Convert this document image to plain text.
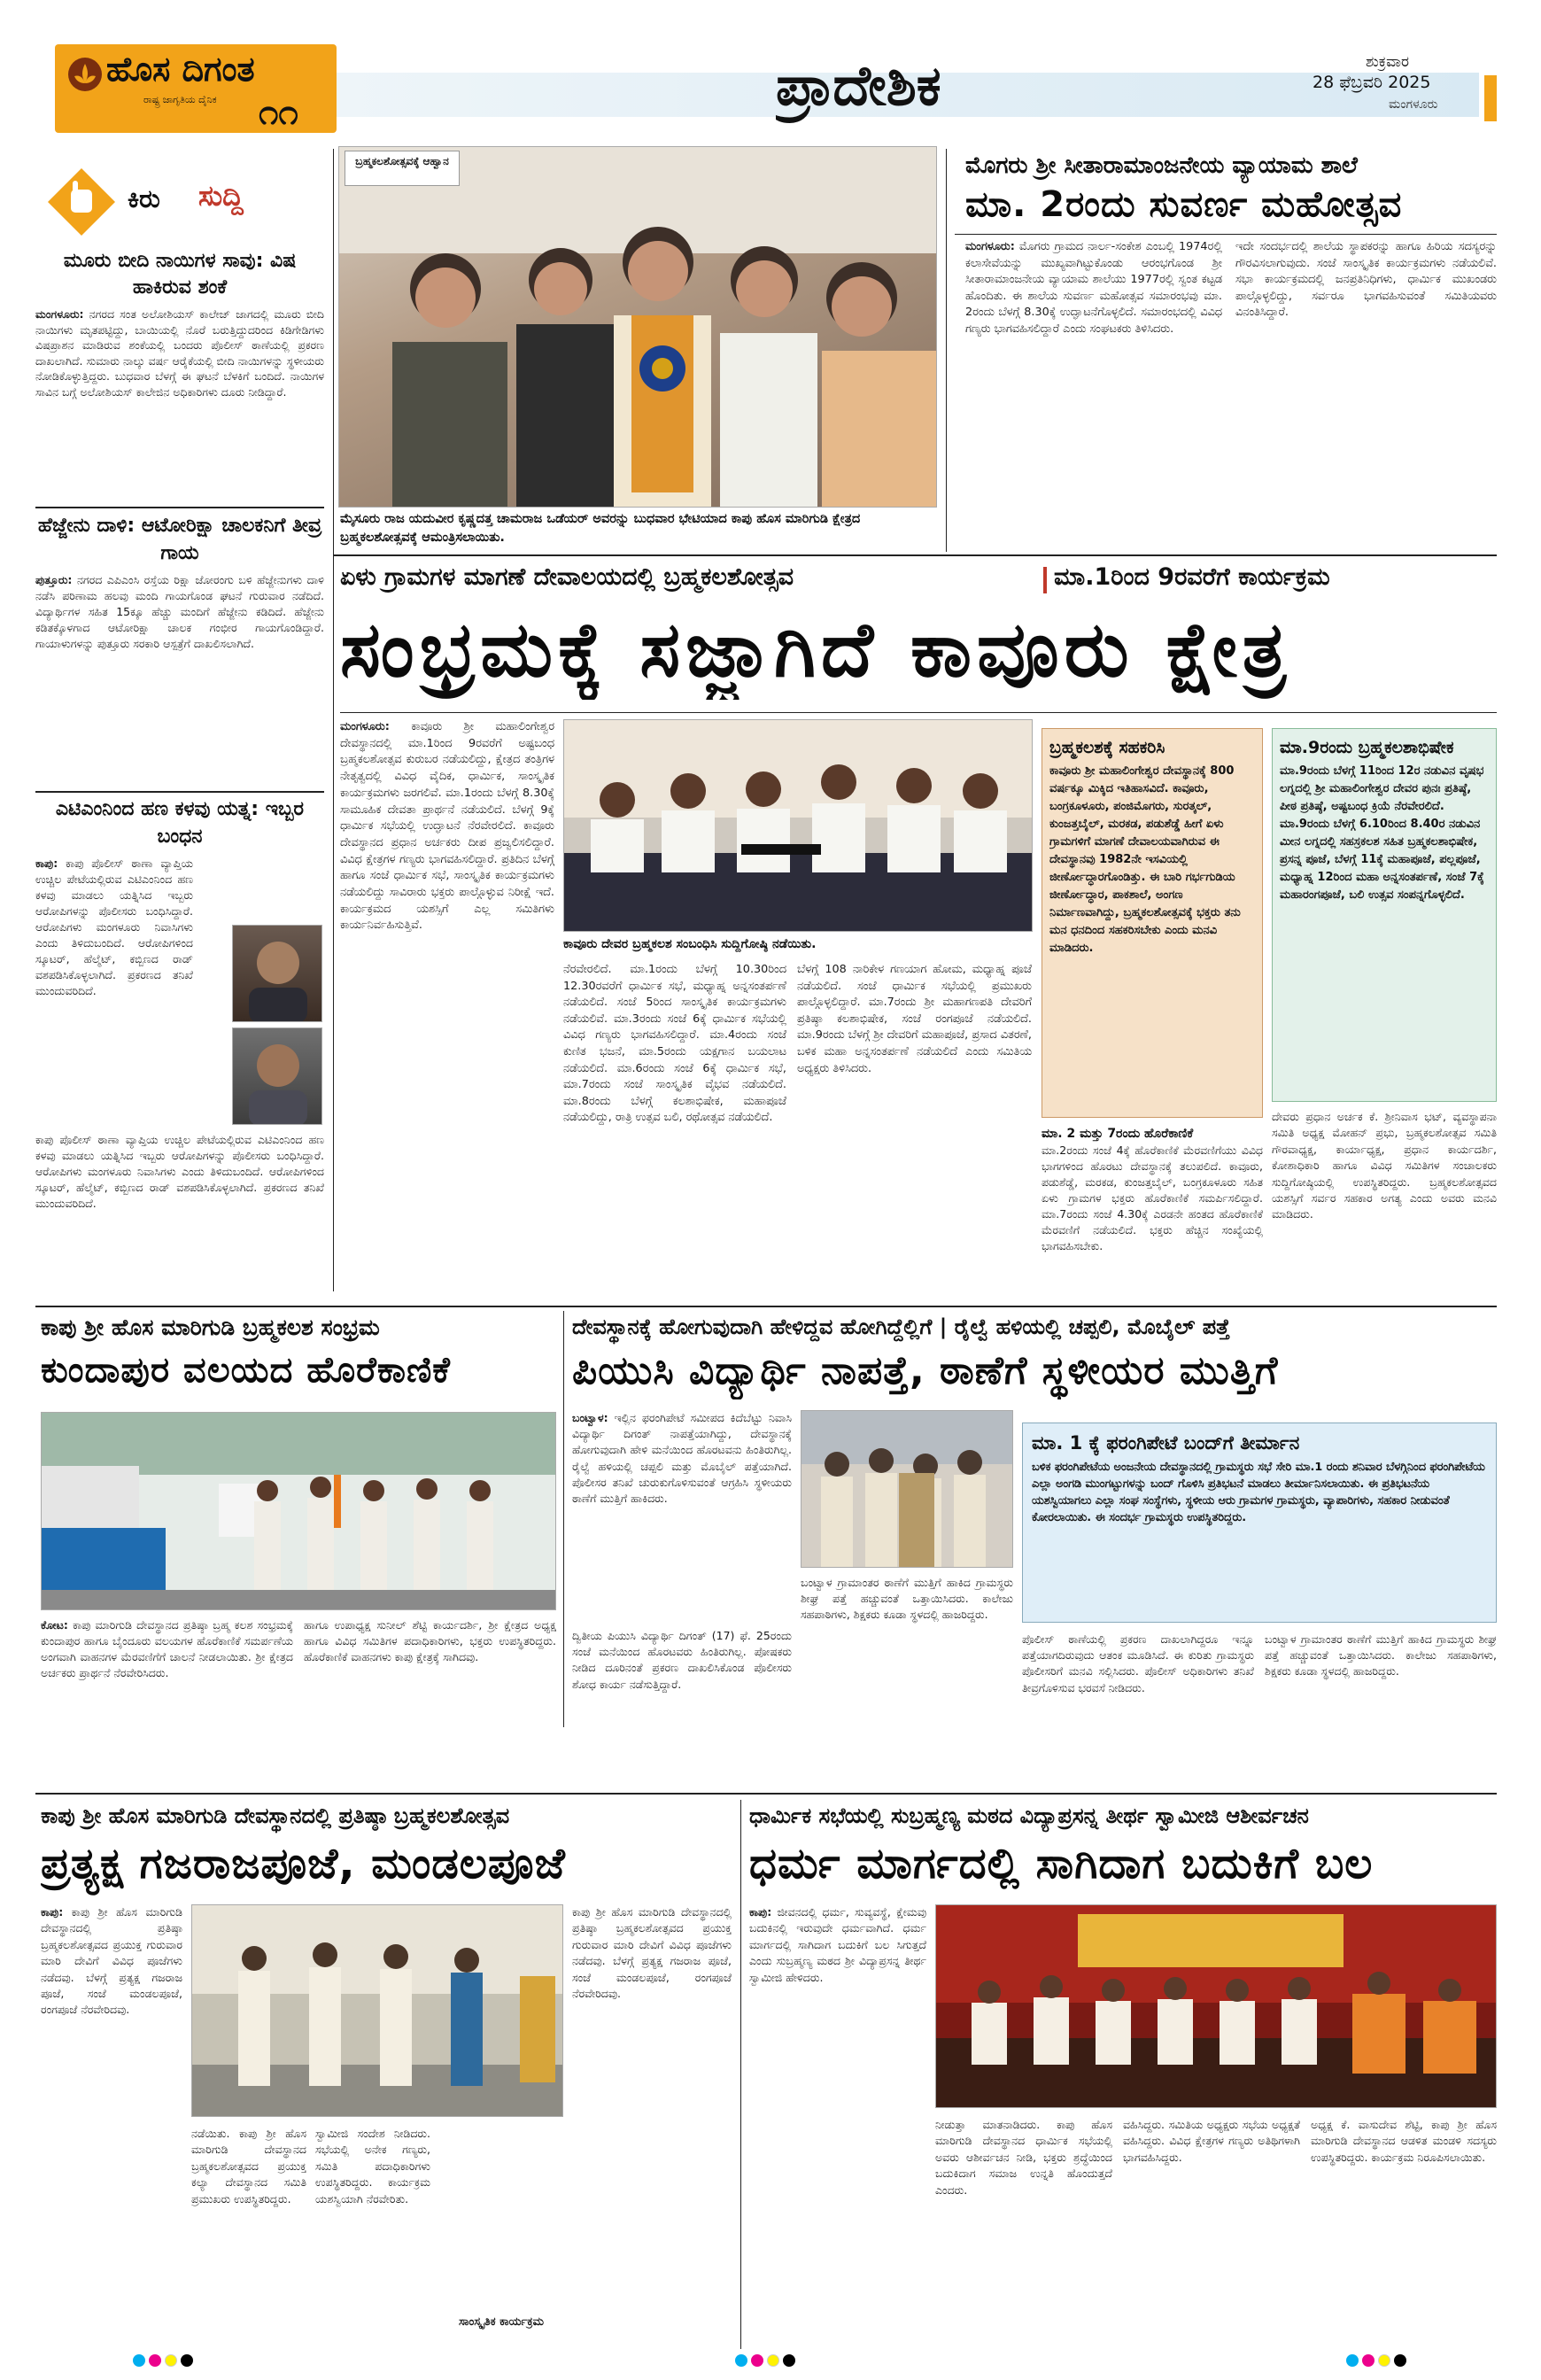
ಹೊಸ ದಿಗಂತ
ರಾಷ್ಟ್ರ ಜಾಗೃತಿಯ ದೈನಿಕ	೧೧	ಪ್ರಾದೇಶಿಕ	ಶುಕ್ರವಾರ
28 ಫೆಬ್ರವರಿ 2025
ಮಂಗಳೂರು
ಕಿರು	ಸುದ್ದಿ
ಮೂರು ಬೀದಿ ನಾಯಿಗಳ ಸಾವು: ವಿಷ ಹಾಕಿರುವ ಶಂಕೆ
ಮಂಗಳೂರು: ನಗರದ ಸಂತ ಅಲೋಶಿಯಸ್ ಕಾಲೇಜ್ ಜಾಗದಲ್ಲಿ ಮೂರು ಬೀದಿ ನಾಯಿಗಳು ಮೃತಪಟ್ಟಿದ್ದು, ಬಾಯಿಯಲ್ಲಿ ನೊರೆ ಬರುತ್ತಿದ್ದುದರಿಂದ ಕಿಡಿಗೇಡಿಗಳು ವಿಷಪ್ರಾಶನ ಮಾಡಿರುವ ಶಂಕೆಯಲ್ಲಿ ಬಂದರು ಪೊಲೀಸ್ ಠಾಣೆಯಲ್ಲಿ ಪ್ರಕರಣ ದಾಖಲಾಗಿದೆ. ಸುಮಾರು ನಾಲ್ಕು ವರ್ಷ ಆರೈಕೆಯಲ್ಲಿ ಬೀದಿ ನಾಯಿಗಳನ್ನು ಸ್ಥಳೀಯರು ನೋಡಿಕೊಳ್ಳುತ್ತಿದ್ದರು. ಬುಧವಾರ ಬೆಳಗ್ಗೆ ಈ ಘಟನೆ ಬೆಳಕಿಗೆ ಬಂದಿದೆ. ನಾಯಿಗಳ ಸಾವಿನ ಬಗ್ಗೆ ಅಲೋಶಿಯಸ್ ಕಾಲೇಜಿನ ಅಧಿಕಾರಿಗಳು ದೂರು ನೀಡಿದ್ದಾರೆ.
ಹೆಜ್ಜೇನು ದಾಳಿ: ಆಟೋರಿಕ್ಷಾ ಚಾಲಕನಿಗೆ ತೀವ್ರ ಗಾಯ
ಪುತ್ತೂರು: ನಗರದ ಎಪಿಎಂಸಿ ರಸ್ತೆಯ ರಿಕ್ಷಾ ಜೋರಂಗು ಬಳಿ ಹೆಜ್ಜೇನುಗಳು ದಾಳಿ ನಡೆಸಿ ಪರಿಣಾಮ ಹಲವು ಮಂದಿ ಗಾಯಗೊಂಡ ಘಟನೆ ಗುರುವಾರ ನಡೆದಿದೆ. ವಿದ್ಯಾರ್ಥಿಗಳ ಸಹಿತ 15ಕ್ಕೂ ಹೆಚ್ಚು ಮಂದಿಗೆ ಹೆಜ್ಜೇನು ಕಡಿದಿದೆ. ಹೆಜ್ಜೇನು ಕಡಿತಕ್ಕೊಳಗಾದ ಆಟೋರಿಕ್ಷಾ ಚಾಲಕ ಗಂಭೀರ ಗಾಯಗೊಂಡಿದ್ದಾರೆ. ಗಾಯಾಳುಗಳನ್ನು ಪುತ್ತೂರು ಸರಕಾರಿ ಆಸ್ಪತ್ರೆಗೆ ದಾಖಲಿಸಲಾಗಿದೆ.
ಎಟಿಎಂನಿಂದ ಹಣ ಕಳವು ಯತ್ನ: ಇಬ್ಬರ ಬಂಧನ
ಕಾಪು: ಕಾಪು ಪೊಲೀಸ್ ಠಾಣಾ ವ್ಯಾಪ್ತಿಯ ಉಚ್ಚಿಲ ಪೇಟೆಯಲ್ಲಿರುವ ಎಟಿಎಂನಿಂದ ಹಣ ಕಳವು ಮಾಡಲು ಯತ್ನಿಸಿದ ಇಬ್ಬರು ಆರೋಪಿಗಳನ್ನು ಪೊಲೀಸರು ಬಂಧಿಸಿದ್ದಾರೆ. ಆರೋಪಿಗಳು ಮಂಗಳೂರು ನಿವಾಸಿಗಳು ಎಂದು ತಿಳಿದುಬಂದಿದೆ. ಆರೋಪಿಗಳಿಂದ ಸ್ಕೂಟರ್, ಹೆಲ್ಮೆಟ್, ಕಬ್ಬಿಣದ ರಾಡ್ ವಶಪಡಿಸಿಕೊಳ್ಳಲಾಗಿದೆ. ಪ್ರಕರಣದ ತನಿಖೆ ಮುಂದುವರಿದಿದೆ.
ಕಾಪು ಪೊಲೀಸ್ ಠಾಣಾ ವ್ಯಾಪ್ತಿಯ ಉಚ್ಚಿಲ ಪೇಟೆಯಲ್ಲಿರುವ ಎಟಿಎಂನಿಂದ ಹಣ ಕಳವು ಮಾಡಲು ಯತ್ನಿಸಿದ ಇಬ್ಬರು ಆರೋಪಿಗಳನ್ನು ಪೊಲೀಸರು ಬಂಧಿಸಿದ್ದಾರೆ. ಆರೋಪಿಗಳು ಮಂಗಳೂರು ನಿವಾಸಿಗಳು ಎಂದು ತಿಳಿದುಬಂದಿದೆ. ಆರೋಪಿಗಳಿಂದ ಸ್ಕೂಟರ್, ಹೆಲ್ಮೆಟ್, ಕಬ್ಬಿಣದ ರಾಡ್ ವಶಪಡಿಸಿಕೊಳ್ಳಲಾಗಿದೆ. ಪ್ರಕರಣದ ತನಿಖೆ ಮುಂದುವರಿದಿದೆ.
ಬ್ರಹ್ಮಕಲಶೋತ್ಸವಕ್ಕೆ ಆಹ್ವಾನ
ಮೈಸೂರು ರಾಜ ಯದುವೀರ ಕೃಷ್ಣದತ್ತ ಚಾಮರಾಜ ಒಡೆಯರ್ ಅವರನ್ನು ಬುಧವಾರ ಭೇಟಿಯಾದ ಕಾಪು ಹೊಸ ಮಾರಿಗುಡಿ ಕ್ಷೇತ್ರದ ಬ್ರಹ್ಮಕಲಶೋತ್ಸವಕ್ಕೆ ಆಮಂತ್ರಿಸಲಾಯಿತು.
ಮೊಗರು ಶ್ರೀ ಸೀತಾರಾಮಾಂಜನೇಯ ವ್ಯಾಯಾಮ ಶಾಲೆ
ಮಾ. 2ರಂದು ಸುವರ್ಣ ಮಹೋತ್ಸವ
ಮಂಗಳೂರು: ಮೊಗರು ಗ್ರಾಮದ ನಾರ್ಲ-ಸಂಕೇಶ ಎಂಬಲ್ಲಿ 1974ರಲ್ಲಿ ಕಲಾಸೇವೆಯನ್ನು ಮುಖ್ಯವಾಗಿಟ್ಟುಕೊಂಡು ಆರಂಭಗೊಂಡ ಶ್ರೀ ಸೀತಾರಾಮಾಂಜನೇಯ ವ್ಯಾಯಾಮ ಶಾಲೆಯು 1977ರಲ್ಲಿ ಸ್ವಂತ ಕಟ್ಟಡ ಹೊಂದಿತು. ಈ ಶಾಲೆಯ ಸುವರ್ಣ ಮಹೋತ್ಸವ ಸಮಾರಂಭವು ಮಾ. 2ರಂದು ಬೆಳಗ್ಗೆ 8.30ಕ್ಕೆ ಉದ್ಘಾಟನೆಗೊಳ್ಳಲಿದೆ. ಸಮಾರಂಭದಲ್ಲಿ ವಿವಿಧ ಗಣ್ಯರು ಭಾಗವಹಿಸಲಿದ್ದಾರೆ ಎಂದು ಸಂಘಟಕರು ತಿಳಿಸಿದರು.
ಇದೇ ಸಂದರ್ಭದಲ್ಲಿ ಶಾಲೆಯ ಸ್ಥಾಪಕರನ್ನು ಹಾಗೂ ಹಿರಿಯ ಸದಸ್ಯರನ್ನು ಗೌರವಿಸಲಾಗುವುದು. ಸಂಜೆ ಸಾಂಸ್ಕೃತಿಕ ಕಾರ್ಯಕ್ರಮಗಳು ನಡೆಯಲಿವೆ. ಸಭಾ ಕಾರ್ಯಕ್ರಮದಲ್ಲಿ ಜನಪ್ರತಿನಿಧಿಗಳು, ಧಾರ್ಮಿಕ ಮುಖಂಡರು ಪಾಲ್ಗೊಳ್ಳಲಿದ್ದು, ಸರ್ವರೂ ಭಾಗವಹಿಸುವಂತೆ ಸಮಿತಿಯವರು ವಿನಂತಿಸಿದ್ದಾರೆ.
ಏಳು ಗ್ರಾಮಗಳ ಮಾಗಣೆ ದೇವಾಲಯದಲ್ಲಿ ಬ್ರಹ್ಮಕಲಶೋತ್ಸವ	ಮಾ.1ರಿಂದ 9ರವರೆಗೆ ಕಾರ್ಯಕ್ರಮ
ಸಂಭ್ರಮಕ್ಕೆ ಸಜ್ಜಾಗಿದೆ ಕಾವೂರು ಕ್ಷೇತ್ರ
ಮಂಗಳೂರು: ಕಾವೂರು ಶ್ರೀ ಮಹಾಲಿಂಗೇಶ್ವರ ದೇವಸ್ಥಾನದಲ್ಲಿ ಮಾ.1ರಿಂದ 9ರವರೆಗೆ ಅಷ್ಟಬಂಧ ಬ್ರಹ್ಮಕಲಶೋತ್ಸವ ಕುರುಬರ ನಡೆಯಲಿದ್ದು, ಕ್ಷೇತ್ರದ ತಂತ್ರಿಗಳ ನೇತೃತ್ವದಲ್ಲಿ ವಿವಿಧ ವೈದಿಕ, ಧಾರ್ಮಿಕ, ಸಾಂಸ್ಕೃತಿಕ ಕಾರ್ಯಕ್ರಮಗಳು ಜರಗಲಿವೆ. ಮಾ.1ರಂದು ಬೆಳಗ್ಗೆ 8.30ಕ್ಕೆ ಸಾಮೂಹಿಕ ದೇವತಾ ಪ್ರಾರ್ಥನೆ ನಡೆಯಲಿದೆ. ಬೆಳಗ್ಗೆ 9ಕ್ಕೆ ಧಾರ್ಮಿಕ ಸಭೆಯಲ್ಲಿ ಉದ್ಘಾಟನೆ ನೆರವೇರಲಿದೆ. ಕಾವೂರು ದೇವಸ್ಥಾನದ ಪ್ರಧಾನ ಅರ್ಚಕರು ದೀಪ ಪ್ರಜ್ವಲಿಸಲಿದ್ದಾರೆ. ವಿವಿಧ ಕ್ಷೇತ್ರಗಳ ಗಣ್ಯರು ಭಾಗವಹಿಸಲಿದ್ದಾರೆ. ಪ್ರತಿದಿನ ಬೆಳಗ್ಗೆ ಹಾಗೂ ಸಂಜೆ ಧಾರ್ಮಿಕ ಸಭೆ, ಸಾಂಸ್ಕೃತಿಕ ಕಾರ್ಯಕ್ರಮಗಳು ನಡೆಯಲಿದ್ದು ಸಾವಿರಾರು ಭಕ್ತರು ಪಾಲ್ಗೊಳ್ಳುವ ನಿರೀಕ್ಷೆ ಇದೆ. ಕಾರ್ಯಕ್ರಮದ ಯಶಸ್ಸಿಗೆ ಎಲ್ಲ ಸಮಿತಿಗಳು ಕಾರ್ಯನಿರ್ವಹಿಸುತ್ತಿವೆ.
ಕಾವೂರು ದೇವರ ಬ್ರಹ್ಮಕಲಶ ಸಂಬಂಧಿಸಿ ಸುದ್ದಿಗೋಷ್ಠಿ ನಡೆಯಿತು.
ನೆರವೇರಲಿದೆ. ಮಾ.1ರಂದು ಬೆಳಗ್ಗೆ 10.30ರಿಂದ 12.30ರವರೆಗೆ ಧಾರ್ಮಿಕ ಸಭೆ, ಮಧ್ಯಾಹ್ನ ಅನ್ನಸಂತರ್ಪಣೆ ನಡೆಯಲಿದೆ. ಸಂಜೆ 5ರಿಂದ ಸಾಂಸ್ಕೃತಿಕ ಕಾರ್ಯಕ್ರಮಗಳು ನಡೆಯಲಿವೆ. ಮಾ.3ರಂದು ಸಂಜೆ 6ಕ್ಕೆ ಧಾರ್ಮಿಕ ಸಭೆಯಲ್ಲಿ ವಿವಿಧ ಗಣ್ಯರು ಭಾಗವಹಿಸಲಿದ್ದಾರೆ. ಮಾ.4ರಂದು ಸಂಜೆ ಕುಣಿತ ಭಜನೆ, ಮಾ.5ರಂದು ಯಕ್ಷಗಾನ ಬಯಲಾಟ ನಡೆಯಲಿದೆ. ಮಾ.6ರಂದು ಸಂಜೆ 6ಕ್ಕೆ ಧಾರ್ಮಿಕ ಸಭೆ, ಮಾ.7ರಂದು ಸಂಜೆ ಸಾಂಸ್ಕೃತಿಕ ವೈಭವ ನಡೆಯಲಿದೆ. ಮಾ.8ರಂದು ಬೆಳಗ್ಗೆ ಕಲಶಾಭಿಷೇಕ, ಮಹಾಪೂಜೆ ನಡೆಯಲಿದ್ದು, ರಾತ್ರಿ ಉತ್ಸವ ಬಲಿ, ರಥೋತ್ಸವ ನಡೆಯಲಿದೆ.
ಬೆಳಗ್ಗೆ 108 ನಾರಿಕೇಳ ಗಣಯಾಗ ಹೋಮ, ಮಧ್ಯಾಹ್ನ ಪೂಜೆ ನಡೆಯಲಿದೆ. ಸಂಜೆ ಧಾರ್ಮಿಕ ಸಭೆಯಲ್ಲಿ ಪ್ರಮುಖರು ಪಾಲ್ಗೊಳ್ಳಲಿದ್ದಾರೆ. ಮಾ.7ರಂದು ಶ್ರೀ ಮಹಾಗಣಪತಿ ದೇವರಿಗೆ ಪ್ರತಿಷ್ಠಾ ಕಲಶಾಭಿಷೇಕ, ಸಂಜೆ ರಂಗಪೂಜೆ ನಡೆಯಲಿದೆ. ಮಾ.9ರಂದು ಬೆಳಗ್ಗೆ ಶ್ರೀ ದೇವರಿಗೆ ಮಹಾಪೂಜೆ, ಪ್ರಸಾದ ವಿತರಣೆ, ಬಳಿಕ ಮಹಾ ಅನ್ನಸಂತರ್ಪಣೆ ನಡೆಯಲಿದೆ ಎಂದು ಸಮಿತಿಯ ಅಧ್ಯಕ್ಷರು ತಿಳಿಸಿದರು.
ಬ್ರಹ್ಮಕಲಶಕ್ಕೆ ಸಹಕರಿಸಿ
ಕಾವೂರು ಶ್ರೀ ಮಹಾಲಿಂಗೇಶ್ವರ ದೇವಸ್ಥಾನಕ್ಕೆ 800 ವರ್ಷಕ್ಕೂ ಮಿಕ್ಕಿದ ಇತಿಹಾಸವಿದೆ. ಕಾವೂರು, ಬಂಗ್ರಕೂಳೂರು, ಪಂಜಿಮೊಗರು, ಸುರತ್ಕಲ್, ಕುಂಜತ್ತಬೈಲ್, ಮರಕಡ, ಪಡುಶೆಡ್ಡೆ ಹೀಗೆ ಏಳು ಗ್ರಾಮಗಳಿಗೆ ಮಾಗಣೆ ದೇವಾಲಯವಾಗಿರುವ ಈ ದೇವಸ್ಥಾನವು 1982ನೇ ಇಸವಿಯಲ್ಲಿ ಜೀರ್ಣೋದ್ಧಾರಗೊಂಡಿತ್ತು. ಈ ಬಾರಿ ಗರ್ಭಗುಡಿಯ ಜೀರ್ಣೋದ್ಧಾರ, ಪಾಕಶಾಲೆ, ಅಂಗಣ ನಿರ್ಮಾಣವಾಗಿದ್ದು, ಬ್ರಹ್ಮಕಲಶೋತ್ಸವಕ್ಕೆ ಭಕ್ತರು ತನು ಮನ ಧನದಿಂದ ಸಹಕರಿಸಬೇಕು ಎಂದು ಮನವಿ ಮಾಡಿದರು.
ಮಾ.9ರಂದು ಬ್ರಹ್ಮಕಲಶಾಭಿಷೇಕ
ಮಾ.9ರಂದು ಬೆಳಗ್ಗೆ 11ರಿಂದ 12ರ ನಡುವಿನ ವೃಷಭ ಲಗ್ನದಲ್ಲಿ ಶ್ರೀ ಮಹಾಲಿಂಗೇಶ್ವರ ದೇವರ ಪುನಃ ಪ್ರತಿಷ್ಠೆ, ಪೀಠ ಪ್ರತಿಷ್ಠೆ, ಅಷ್ಟಬಂಧ ಕ್ರಿಯೆ ನೆರವೇರಲಿದೆ. ಮಾ.9ರಂದು ಬೆಳಗ್ಗೆ 6.10ರಿಂದ 8.40ರ ನಡುವಿನ ಮೀನ ಲಗ್ನದಲ್ಲಿ ಸಹಸ್ರಕಲಶ ಸಹಿತ ಬ್ರಹ್ಮಕಲಶಾಭಿಷೇಕ, ಪ್ರಸನ್ನ ಪೂಜೆ, ಬೆಳಗ್ಗೆ 11ಕ್ಕೆ ಮಹಾಪೂಜೆ, ಪಲ್ಲಪೂಜೆ, ಮಧ್ಯಾಹ್ನ 12ರಿಂದ ಮಹಾ ಅನ್ನಸಂತರ್ಪಣೆ, ಸಂಜೆ 7ಕ್ಕೆ ಮಹಾರಂಗಪೂಜೆ, ಬಲಿ ಉತ್ಸವ ಸಂಪನ್ನಗೊಳ್ಳಲಿದೆ.
ಮಾ. 2 ಮತ್ತು 7ರಂದು ಹೊರೆಕಾಣಿಕೆ
ಮಾ.2ರಂದು ಸಂಜೆ 4ಕ್ಕೆ ಹೊರೆಕಾಣಿಕೆ ಮೆರವಣಿಗೆಯು ವಿವಿಧ ಭಾಗಗಳಿಂದ ಹೊರಟು ದೇವಸ್ಥಾನಕ್ಕೆ ತಲುಪಲಿದೆ. ಕಾವೂರು, ಪಡುಶೆಡ್ಡೆ, ಮರಕಡ, ಕುಂಜತ್ತಬೈಲ್, ಬಂಗ್ರಕೂಳೂರು ಸಹಿತ ಏಳು ಗ್ರಾಮಗಳ ಭಕ್ತರು ಹೊರೆಕಾಣಿಕೆ ಸಮರ್ಪಿಸಲಿದ್ದಾರೆ. ಮಾ.7ರಂದು ಸಂಜೆ 4.30ಕ್ಕೆ ಎರಡನೇ ಹಂತದ ಹೊರೆಕಾಣಿಕೆ ಮೆರವಣಿಗೆ ನಡೆಯಲಿದೆ. ಭಕ್ತರು ಹೆಚ್ಚಿನ ಸಂಖ್ಯೆಯಲ್ಲಿ ಭಾಗವಹಿಸಬೇಕು.
ದೇವರು ಪ್ರಧಾನ ಅರ್ಚಕ ಕೆ. ಶ್ರೀನಿವಾಸ ಭಟ್, ವ್ಯವಸ್ಥಾಪನಾ ಸಮಿತಿ ಅಧ್ಯಕ್ಷ ಮೋಹನ್ ಪ್ರಭು, ಬ್ರಹ್ಮಕಲಶೋತ್ಸವ ಸಮಿತಿ ಗೌರವಾಧ್ಯಕ್ಷ, ಕಾರ್ಯಾಧ್ಯಕ್ಷ, ಪ್ರಧಾನ ಕಾರ್ಯದರ್ಶಿ, ಕೋಶಾಧಿಕಾರಿ ಹಾಗೂ ವಿವಿಧ ಸಮಿತಿಗಳ ಸಂಚಾಲಕರು ಸುದ್ದಿಗೋಷ್ಠಿಯಲ್ಲಿ ಉಪಸ್ಥಿತರಿದ್ದರು. ಬ್ರಹ್ಮಕಲಶೋತ್ಸವದ ಯಶಸ್ಸಿಗೆ ಸರ್ವರ ಸಹಕಾರ ಅಗತ್ಯ ಎಂದು ಅವರು ಮನವಿ ಮಾಡಿದರು.
ಕಾಪು ಶ್ರೀ ಹೊಸ ಮಾರಿಗುಡಿ ಬ್ರಹ್ಮಕಲಶ ಸಂಭ್ರಮ
ಕುಂದಾಪುರ ವಲಯದ ಹೊರೆಕಾಣಿಕೆ
ಕೋಟ: ಕಾಪು ಮಾರಿಗುಡಿ ದೇವಸ್ಥಾನದ ಪ್ರತಿಷ್ಠಾ ಬ್ರಹ್ಮ ಕಲಶ ಸಂಭ್ರಮಕ್ಕೆ ಕುಂದಾಪುರ ಹಾಗೂ ಬೈಂದೂರು ವಲಯಗಳ ಹೊರೆಕಾಣಿಕೆ ಸಮರ್ಪಣೆಯ ಅಂಗವಾಗಿ ವಾಹನಗಳ ಮೆರವಣಿಗೆಗೆ ಚಾಲನೆ ನೀಡಲಾಯಿತು. ಶ್ರೀ ಕ್ಷೇತ್ರದ ಅರ್ಚಕರು ಪ್ರಾರ್ಥನೆ ನೆರವೇರಿಸಿದರು.
ಹಾಗೂ ಉಪಾಧ್ಯಕ್ಷ ಸುನೀಲ್ ಶೆಟ್ಟಿ ಕಾರ್ಯದರ್ಶಿ, ಶ್ರೀ ಕ್ಷೇತ್ರದ ಅಧ್ಯಕ್ಷ ಹಾಗೂ ವಿವಿಧ ಸಮಿತಿಗಳ ಪದಾಧಿಕಾರಿಗಳು, ಭಕ್ತರು ಉಪಸ್ಥಿತರಿದ್ದರು. ಹೊರೆಕಾಣಿಕೆ ವಾಹನಗಳು ಕಾಪು ಕ್ಷೇತ್ರಕ್ಕೆ ಸಾಗಿದವು.
ದೇವಸ್ಥಾನಕ್ಕೆ ಹೋಗುವುದಾಗಿ ಹೇಳಿದ್ದವ ಹೋಗಿದ್ದೆಲ್ಲಿಗೆ | ರೈಲ್ವೆ ಹಳಿಯಲ್ಲಿ ಚಪ್ಪಲಿ, ಮೊಬೈಲ್ ಪತ್ತೆ
ಪಿಯುಸಿ ವಿದ್ಯಾರ್ಥಿ ನಾಪತ್ತೆ, ಠಾಣೆಗೆ ಸ್ಥಳೀಯರ ಮುತ್ತಿಗೆ
ಬಂಟ್ವಾಳ: ಇಲ್ಲಿನ ಫರಂಗಿಪೇಟೆ ಸಮೀಪದ ಕಿದೆಬೆಟ್ಟು ನಿವಾಸಿ ವಿದ್ಯಾರ್ಥಿ ದಿಗಂತ್ ನಾಪತ್ತೆಯಾಗಿದ್ದು, ದೇವಸ್ಥಾನಕ್ಕೆ ಹೋಗುವುದಾಗಿ ಹೇಳಿ ಮನೆಯಿಂದ ಹೊರಟವನು ಹಿಂತಿರುಗಿಲ್ಲ. ರೈಲ್ವೆ ಹಳಿಯಲ್ಲಿ ಚಪ್ಪಲಿ ಮತ್ತು ಮೊಬೈಲ್ ಪತ್ತೆಯಾಗಿದೆ. ಪೊಲೀಸರ ತನಿಖೆ ಚುರುಕುಗೊಳಿಸುವಂತೆ ಆಗ್ರಹಿಸಿ ಸ್ಥಳೀಯರು ಠಾಣೆಗೆ ಮುತ್ತಿಗೆ ಹಾಕಿದರು.
ದ್ವಿತೀಯ ಪಿಯುಸಿ ವಿದ್ಯಾರ್ಥಿ ದಿಗಂತ್ (17) ಫೆ. 25ರಂದು ಸಂಜೆ ಮನೆಯಿಂದ ಹೊರಟವರು ಹಿಂತಿರುಗಿಲ್ಲ. ಪೋಷಕರು ನೀಡಿದ ದೂರಿನಂತೆ ಪ್ರಕರಣ ದಾಖಲಿಸಿಕೊಂಡ ಪೊಲೀಸರು ಶೋಧ ಕಾರ್ಯ ನಡೆಸುತ್ತಿದ್ದಾರೆ.
ಬಂಟ್ವಾಳ ಗ್ರಾಮಾಂತರ ಠಾಣೆಗೆ ಮುತ್ತಿಗೆ ಹಾಕಿದ ಗ್ರಾಮಸ್ಥರು ಶೀಘ್ರ ಪತ್ತೆ ಹಚ್ಚುವಂತೆ ಒತ್ತಾಯಿಸಿದರು. ಕಾಲೇಜು ಸಹಪಾಠಿಗಳು, ಶಿಕ್ಷಕರು ಕೂಡಾ ಸ್ಥಳದಲ್ಲಿ ಹಾಜರಿದ್ದರು.
ಮಾ. 1 ಕ್ಕೆ ಫರಂಗಿಪೇಟೆ ಬಂದ್‌ಗೆ ತೀರ್ಮಾನ
ಬಳಿಕ ಫರಂಗಿಪೇಟೆಯ ಅಂಜನೇಯ ದೇವಸ್ಥಾನದಲ್ಲಿ ಗ್ರಾಮಸ್ಥರು ಸಭೆ ಸೇರಿ ಮಾ.1 ರಂದು ಶನಿವಾರ ಬೆಳಗ್ಗಿನಿಂದ ಫರಂಗಿಪೇಟೆಯ ಎಲ್ಲಾ ಅಂಗಡಿ ಮುಂಗಟ್ಟುಗಳನ್ನು ಬಂದ್ ಗೊಳಿಸಿ ಪ್ರತಿಭಟನೆ ಮಾಡಲು ತೀರ್ಮಾನಿಸಲಾಯಿತು. ಈ ಪ್ರತಿಭಟನೆಯ ಯಶಸ್ವಿಯಾಗಲು ಎಲ್ಲಾ ಸಂಘ ಸಂಸ್ಥೆಗಳು, ಸ್ಥಳೀಯ ಆರು ಗ್ರಾಮಗಳ ಗ್ರಾಮಸ್ಥರು, ವ್ಯಾಪಾರಿಗಳು, ಸಹಕಾರ ನೀಡುವಂತೆ ಕೋರಲಾಯಿತು. ಈ ಸಂದರ್ಭ ಗ್ರಾಮಸ್ಥರು ಉಪಸ್ಥಿತರಿದ್ದರು.
ಪೊಲೀಸ್ ಠಾಣೆಯಲ್ಲಿ ಪ್ರಕರಣ ದಾಖಲಾಗಿದ್ದರೂ ಇನ್ನೂ ಪತ್ತೆಯಾಗದಿರುವುದು ಆತಂಕ ಮೂಡಿಸಿದೆ. ಈ ಕುರಿತು ಗ್ರಾಮಸ್ಥರು ಪೊಲೀಸರಿಗೆ ಮನವಿ ಸಲ್ಲಿಸಿದರು. ಪೊಲೀಸ್ ಅಧಿಕಾರಿಗಳು ತನಿಖೆ ತೀವ್ರಗೊಳಿಸುವ ಭರವಸೆ ನೀಡಿದರು.
ಬಂಟ್ವಾಳ ಗ್ರಾಮಾಂತರ ಠಾಣೆಗೆ ಮುತ್ತಿಗೆ ಹಾಕಿದ ಗ್ರಾಮಸ್ಥರು ಶೀಘ್ರ ಪತ್ತೆ ಹಚ್ಚುವಂತೆ ಒತ್ತಾಯಿಸಿದರು. ಕಾಲೇಜು ಸಹಪಾಠಿಗಳು, ಶಿಕ್ಷಕರು ಕೂಡಾ ಸ್ಥಳದಲ್ಲಿ ಹಾಜರಿದ್ದರು.
ಕಾಪು ಶ್ರೀ ಹೊಸ ಮಾರಿಗುಡಿ ದೇವಸ್ಥಾನದಲ್ಲಿ ಪ್ರತಿಷ್ಠಾ ಬ್ರಹ್ಮಕಲಶೋತ್ಸವ
ಪ್ರತ್ಯಕ್ಷ ಗಜರಾಜಪೂಜೆ, ಮಂಡಲಪೂಜೆ
ಕಾಪು: ಕಾಪು ಶ್ರೀ ಹೊಸ ಮಾರಿಗುಡಿ ದೇವಸ್ಥಾನದಲ್ಲಿ ಪ್ರತಿಷ್ಠಾ ಬ್ರಹ್ಮಕಲಶೋತ್ಸವದ ಪ್ರಯುಕ್ತ ಗುರುವಾರ ಮಾರಿ ದೇವಿಗೆ ವಿವಿಧ ಪೂಜೆಗಳು ನಡೆದವು. ಬೆಳಗ್ಗೆ ಪ್ರತ್ಯಕ್ಷ ಗಜರಾಜ ಪೂಜೆ, ಸಂಜೆ ಮಂಡಲಪೂಜೆ, ರಂಗಪೂಜೆ ನೆರವೇರಿದವು.
ನಡೆಯಿತು. ಕಾಪು ಶ್ರೀ ಹೊಸ ಮಾರಿಗುಡಿ ದೇವಸ್ಥಾನದ ಬ್ರಹ್ಮಕಲಶೋತ್ಸವದ ಪ್ರಯುಕ್ತ ಕಲ್ಯಾ ದೇವಸ್ಥಾನದ ಸಮಿತಿ ಪ್ರಮುಖರು ಉಪಸ್ಥಿತರಿದ್ದರು.
ಸ್ವಾಮೀಜಿ ಸಂದೇಶ ನೀಡಿದರು. ಸಭೆಯಲ್ಲಿ ಅನೇಕ ಗಣ್ಯರು, ಸಮಿತಿ ಪದಾಧಿಕಾರಿಗಳು ಉಪಸ್ಥಿತರಿದ್ದರು. ಕಾರ್ಯಕ್ರಮ ಯಶಸ್ವಿಯಾಗಿ ನೆರವೇರಿತು.
ಸಾಂಸ್ಕೃತಿಕ ಕಾರ್ಯಕ್ರಮ
ಕಾಪು ಶ್ರೀ ಹೊಸ ಮಾರಿಗುಡಿ ದೇವಸ್ಥಾನದಲ್ಲಿ ಪ್ರತಿಷ್ಠಾ ಬ್ರಹ್ಮಕಲಶೋತ್ಸವದ ಪ್ರಯುಕ್ತ ಗುರುವಾರ ಮಾರಿ ದೇವಿಗೆ ವಿವಿಧ ಪೂಜೆಗಳು ನಡೆದವು. ಬೆಳಗ್ಗೆ ಪ್ರತ್ಯಕ್ಷ ಗಜರಾಜ ಪೂಜೆ, ಸಂಜೆ ಮಂಡಲಪೂಜೆ, ರಂಗಪೂಜೆ ನೆರವೇರಿದವು.
ಧಾರ್ಮಿಕ ಸಭೆಯಲ್ಲಿ ಸುಬ್ರಹ್ಮಣ್ಯ ಮಠದ ವಿದ್ಯಾಪ್ರಸನ್ನ ತೀರ್ಥ ಸ್ವಾಮೀಜಿ ಆಶೀರ್ವಚನ
ಧರ್ಮ ಮಾರ್ಗದಲ್ಲಿ ಸಾಗಿದಾಗ ಬದುಕಿಗೆ ಬಲ
ಕಾಪು: ಜೀವನದಲ್ಲಿ ಧರ್ಮ, ಸುವ್ಯವಸ್ಥೆ, ಕ್ಷೇಮವು ಬದುಕಿನಲ್ಲಿ ಇರುವುದೇ ಧರ್ಮವಾಗಿದೆ. ಧರ್ಮ ಮಾರ್ಗದಲ್ಲಿ ಸಾಗಿದಾಗ ಬದುಕಿಗೆ ಬಲ ಸಿಗುತ್ತದೆ ಎಂದು ಸುಬ್ರಹ್ಮಣ್ಯ ಮಠದ ಶ್ರೀ ವಿದ್ಯಾಪ್ರಸನ್ನ ತೀರ್ಥ ಸ್ವಾಮೀಜಿ ಹೇಳಿದರು.
ನೀಡುತ್ತಾ ಮಾತನಾಡಿದರು. ಕಾಪು ಹೊಸ ಮಾರಿಗುಡಿ ದೇವಸ್ಥಾನದ ಧಾರ್ಮಿಕ ಸಭೆಯಲ್ಲಿ ಅವರು ಆಶೀರ್ವಚನ ನೀಡಿ, ಭಕ್ತರು ಶ್ರದ್ಧೆಯಿಂದ ಬದುಕಿದಾಗ ಸಮಾಜ ಉನ್ನತಿ ಹೊಂದುತ್ತದೆ ಎಂದರು.
ವಹಿಸಿದ್ದರು. ಸಮಿತಿಯ ಅಧ್ಯಕ್ಷರು ಸಭೆಯ ಅಧ್ಯಕ್ಷತೆ ವಹಿಸಿದ್ದರು. ವಿವಿಧ ಕ್ಷೇತ್ರಗಳ ಗಣ್ಯರು ಅತಿಥಿಗಳಾಗಿ ಭಾಗವಹಿಸಿದ್ದರು.
ಅಧ್ಯಕ್ಷ ಕೆ. ವಾಸುದೇವ ಶೆಟ್ಟಿ, ಕಾಪು ಶ್ರೀ ಹೊಸ ಮಾರಿಗುಡಿ ದೇವಸ್ಥಾನದ ಆಡಳಿತ ಮಂಡಳಿ ಸದಸ್ಯರು ಉಪಸ್ಥಿತರಿದ್ದರು. ಕಾರ್ಯಕ್ರಮ ನಿರೂಪಿಸಲಾಯಿತು.
